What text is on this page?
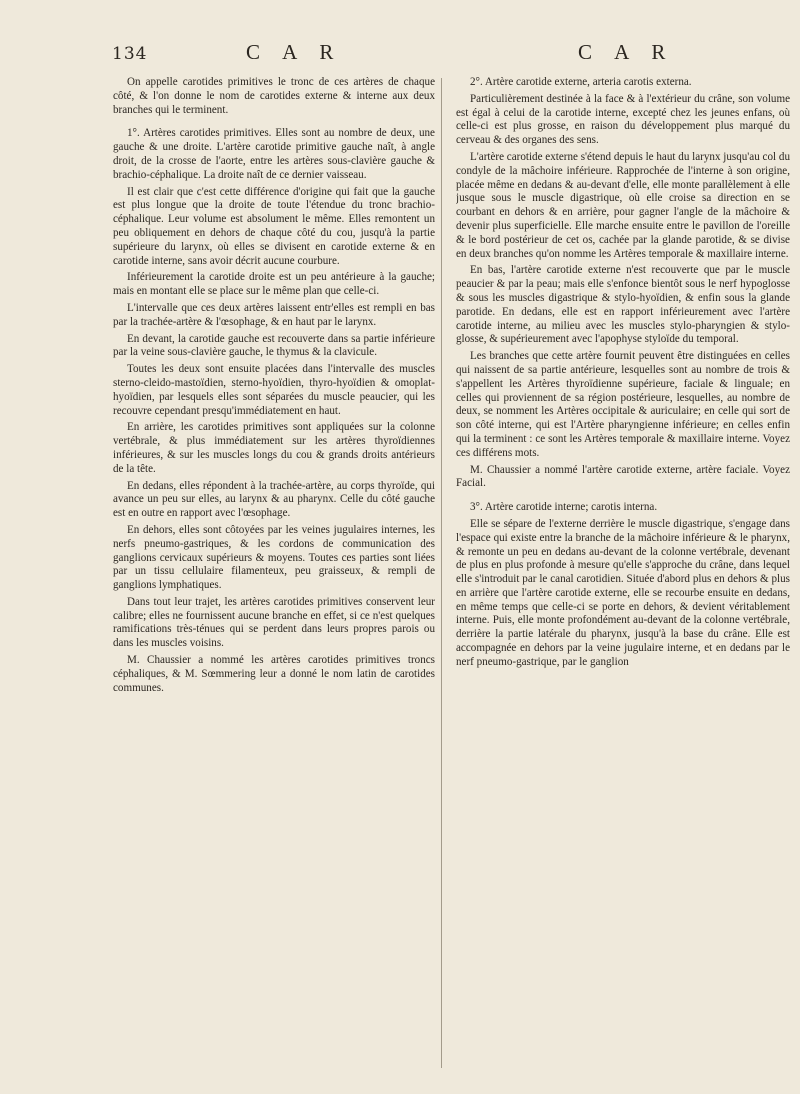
134	C A R	C A R

On appelle carotides primitives le tronc de ces artères de chaque côté, & l'on donne le nom de carotides externe & interne aux deux branches qui le terminent.

1°. Artères carotides primitives. Elles sont au nombre de deux, une gauche & une droite. L'artère carotide primitive gauche naît, à angle droit, de la crosse de l'aorte, entre les artères sous-clavière gauche & brachio-céphalique. La droite naît de ce dernier vaisseau.

Il est clair que c'est cette différence d'origine qui fait que la gauche est plus longue que la droite de toute l'étendue du tronc brachio-céphalique. Leur volume est absolument le même. Elles remontent un peu obliquement en dehors de chaque côté du cou, jusqu'à la partie supérieure du larynx, où elles se divisent en carotide externe & en carotide interne, sans avoir décrit aucune courbure.

Inférieurement la carotide droite est un peu antérieure à la gauche; mais en montant elle se place sur le même plan que celle-ci.

L'intervalle que ces deux artères laissent entr'elles est rempli en bas par la trachée-artère & l'œsophage, & en haut par le larynx.

En devant, la carotide gauche est recouverte dans sa partie inférieure par la veine sous-clavière gauche, le thymus & la clavicule.

Toutes les deux sont ensuite placées dans l'intervalle des muscles sterno-cleido-mastoïdien, sterno-hyoïdien, thyro-hyoïdien & omoplat-hyoïdien, par lesquels elles sont séparées du muscle peaucier, qui les recouvre cependant presqu'immédiatement en haut.

En arrière, les carotides primitives sont appliquées sur la colonne vertébrale, & plus immédiatement sur les artères thyroïdiennes inférieures, & sur les muscles longs du cou & grands droits antérieurs de la tête.

En dedans, elles répondent à la trachée-artère, au corps thyroïde, qui avance un peu sur elles, au larynx & au pharynx. Celle du côté gauche est en outre en rapport avec l'œsophage.

En dehors, elles sont côtoyées par les veines jugulaires internes, les nerfs pneumo-gastriques, & les cordons de communication des ganglions cervicaux supérieurs & moyens. Toutes ces parties sont liées par un tissu cellulaire filamenteux, peu graisseux, & rempli de ganglions lymphatiques.

Dans tout leur trajet, les artères carotides primitives conservent leur calibre; elles ne fournissent aucune branche en effet, si ce n'est quelques ramifications très-ténues qui se perdent dans leurs propres parois ou dans les muscles voisins.

M. Chaussier a nommé les artères carotides primitives troncs céphaliques, & M. Sœmmering leur a donné le nom latin de carotides communes.

2°. Artère carotide externe, arteria carotis externa.

Particulièrement destinée à la face & à l'extérieur du crâne, son volume est égal à celui de la carotide interne, excepté chez les jeunes enfans, où celle-ci est plus grosse, en raison du développement plus marqué du cerveau & des organes des sens.

L'artère carotide externe s'étend depuis le haut du larynx jusqu'au col du condyle de la mâchoire inférieure. Rapprochée de l'interne à son origine, placée même en dedans & au-devant d'elle, elle monte parallèlement à elle jusque sous le muscle digastrique, où elle croise sa direction en se courbant en dehors & en arrière, pour gagner l'angle de la mâchoire & devenir plus superficielle. Elle marche ensuite entre le pavillon de l'oreille & le bord postérieur de cet os, cachée par la glande parotide, & se divise en deux branches qu'on nomme les Artères temporale & maxillaire interne.

En bas, l'artère carotide externe n'est recouverte que par le muscle peaucier & par la peau; mais elle s'enfonce bientôt sous le nerf hypoglosse & sous les muscles digastrique & stylo-hyoïdien, & enfin sous la glande parotide. En dedans, elle est en rapport inférieurement avec l'artère carotide interne, au milieu avec les muscles stylo-pharyngien & stylo-glosse, & supérieurement avec l'apophyse styloïde du temporal.

Les branches que cette artère fournit peuvent être distinguées en celles qui naissent de sa partie antérieure, lesquelles sont au nombre de trois & s'appellent les Artères thyroïdienne supérieure, faciale & linguale; en celles qui proviennent de sa région postérieure, lesquelles, au nombre de deux, se nomment les Artères occipitale & auriculaire; en celle qui sort de son côté interne, qui est l'Artère pharyngienne inférieure; en celles enfin qui la terminent : ce sont les Artères temporale & maxillaire interne. Voyez ces différens mots.

M. Chaussier a nommé l'artère carotide externe, artère faciale. Voyez Facial.

3°. Artère carotide interne; carotis interna.

Elle se sépare de l'externe derrière le muscle digastrique, s'engage dans l'espace qui existe entre la branche de la mâchoire inférieure & le pharynx, & remonte un peu en dedans au-devant de la colonne vertébrale, devenant de plus en plus profonde à mesure qu'elle s'approche du crâne, dans lequel elle s'introduit par le canal carotidien. Située d'abord plus en dehors & plus en arrière que l'artère carotide externe, elle se recourbe ensuite en dedans, en même temps que celle-ci se porte en dehors, & devient véritablement interne. Puis, elle monte profondément au-devant de la colonne vertébrale, derrière la partie latérale du pharynx, jusqu'à la base du crâne. Elle est accompagnée en dehors par la veine jugulaire interne, et en dedans par le nerf pneumo-gastrique, par le ganglion
